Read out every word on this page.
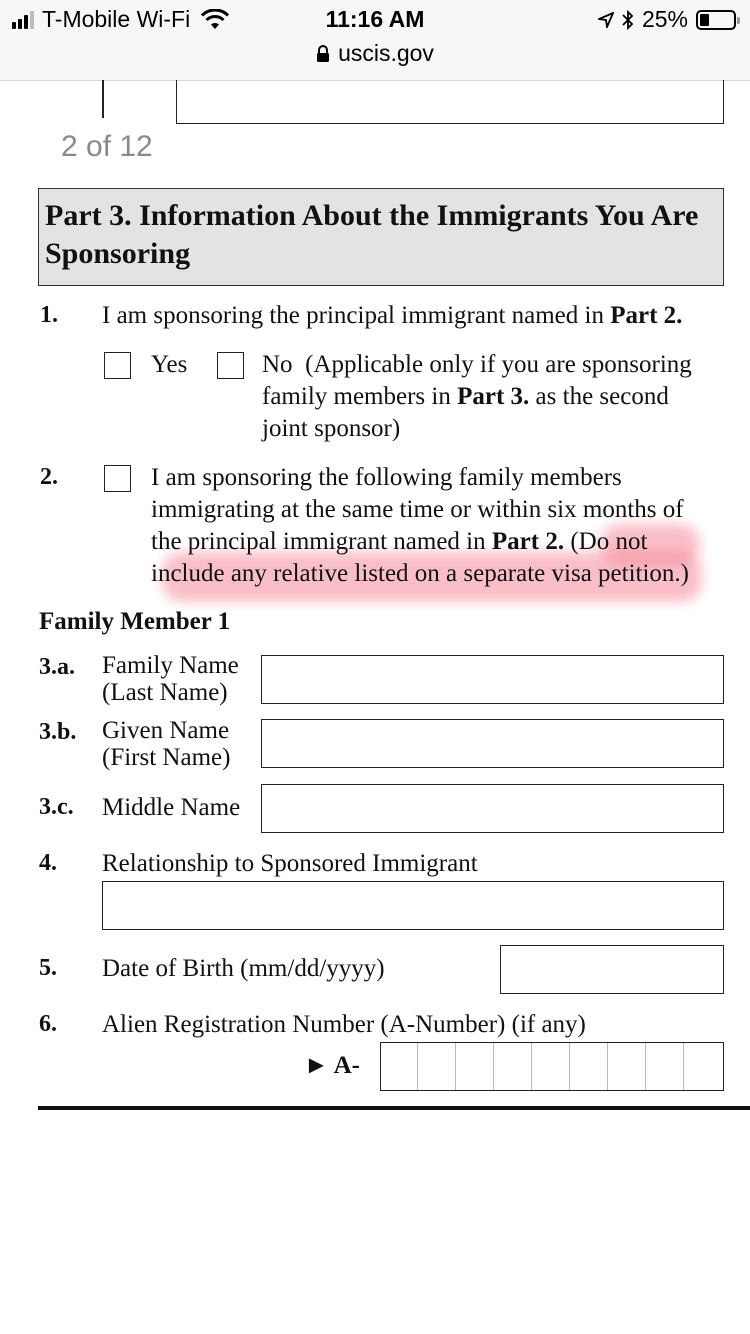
T-Mobile Wi-Fi	11:16 AM
uscis.gov
25%
2 of 12
Part 3. Information About the Immigrants You Are Sponsoring
1. I am sponsoring the principal immigrant named in Part 2.
Yes	No (Applicable only if you are sponsoring
family members in Part 3. as the second
joint sponsor)
2.	I am sponsoring the following family members
immigrating at the same time or within six months of
the principal immigrant named in Part 2. (Do not
include any relative listed on a separate visa petition.)
Family Member 1
3.a. Family Name
(Last Name)
3.b. Given Name
(First Name)
3.c. Middle Name
4. Relationship to Sponsored Immigrant
5. Date of Birth (mm/dd/yyyy)
6. Alien Registration Number (A-Number) (if any)
► A-
